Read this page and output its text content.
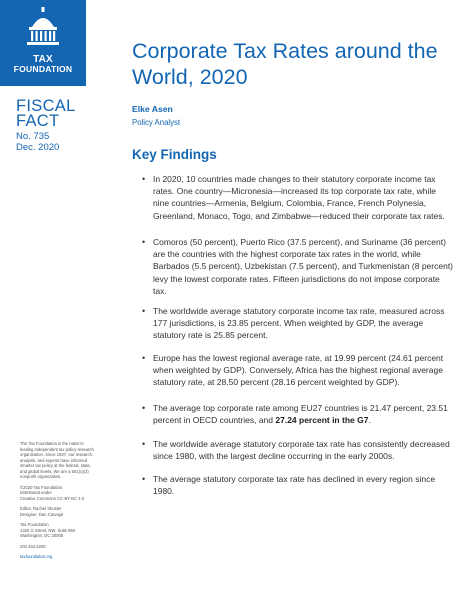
TAX
FOUNDATION
FISCAL
FACT
No. 735
Dec. 2020
Corporate Tax Rates around the World, 2020
Elke Asen
Policy Analyst
Key Findings
• In 2020, 10 countries made changes to their statutory corporate income tax rates. One country—Micronesia—increased its top corporate tax rate, while nine countries—Armenia, Belgium, Colombia, France, French Polynesia, Greenland, Monaco, Togo, and Zimbabwe—reduced their corporate tax rates.
• Comoros (50 percent), Puerto Rico (37.5 percent), and Suriname (36 percent) are the countries with the highest corporate tax rates in the world, while Barbados (5.5 percent), Uzbekistan (7.5 percent), and Turkmenistan (8 percent) levy the lowest corporate rates. Fifteen jurisdictions do not impose corporate tax.
• The worldwide average statutory corporate income tax rate, measured across 177 jurisdictions, is 23.85 percent. When weighted by GDP, the average statutory rate is 25.85 percent.
• Europe has the lowest regional average rate, at 19.99 percent (24.61 percent when weighted by GDP). Conversely, Africa has the highest regional average statutory rate, at 28.50 percent (28.16 percent weighted by GDP).
• The average top corporate rate among EU27 countries is 21.47 percent, 23.51 percent in OECD countries, and 27.24 percent in the G7.
• The worldwide average statutory corporate tax rate has consistently decreased since 1980, with the largest decline occurring in the early 2000s.
• The average statutory corporate tax rate has declined in every region since 1980.

The Tax Foundation is the nation's leading independent tax policy research organization. Since 1937, our research, analysis, and experts have informed smarter tax policy at the federal, state, and global levels. We are a 501(c)(3) nonprofit organization.

©2020 Tax Foundation

Distributed under

Creative Commons CC-BY-NC 4.0

Editor, Rachel Shuster

Designer, Dan Carvajal

Tax Foundation

1325 G Street, NW, Suite 950

Washington, DC 20005

202.464.6200

taxfoundation.org
